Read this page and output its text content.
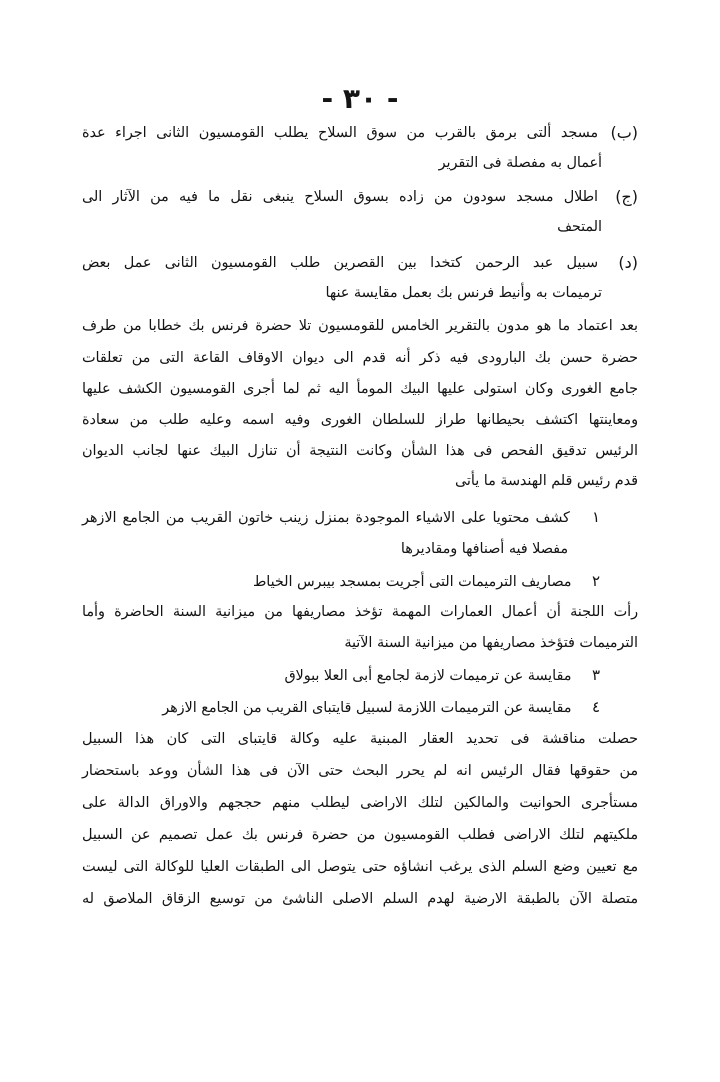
- ٣٠ -
(ب)
مسجد ألتى برمق بالقرب من سوق السلاح يطلب القومسيون الثانى اجراء عدة
أعمال به مفصلة فى التقرير
(ج)
اطلال مسجد سودون من زاده بسوق السلاح ينبغى نقل ما فيه من الآثار الى
المتحف
(د)
سبيل عبد الرحمن كتخدا بين القصرين طلب القومسيون الثانى عمل بعض
ترميمات به وأنيط فرنس بك بعمل مقايسة عنها
بعد اعتماد ما هو مدون بالتقرير الخامس للقومسيون تلا حضرة فرنس بك خطابا من طرف
حضرة حسن بك البارودى فيه ذكر أنه قدم الى ديوان الاوقاف القاعة التى من تعلقات
جامع الغورى وكان استولى عليها البيك المومأ اليه ثم لما أجرى القومسيون الكشف عليها
ومعاينتها اكتشف بحيطانها طراز للسلطان الغورى وفيه اسمه وعليه طلب من سعادة
الرئيس تدقيق الفحص فى هذا الشأن وكانت النتيجة أن تنازل البيك عنها لجانب الديوان
قدم رئيس قلم الهندسة ما يأتى
١ كشف محتويا على الاشياء الموجودة بمنزل زينب خاتون القريب من الجامع الازهر
مفصلا فيه أصنافها ومقاديرها
٢ مصاريف الترميمات التى أجريت بمسجد بيبرس الخياط
رأت اللجنة أن أعمال العمارات المهمة تؤخذ مصاريفها من ميزانية السنة الحاضرة وأما
الترميمات فتؤخذ مصاريفها من ميزانية السنة الآتية
٣ مقايسة عن ترميمات لازمة لجامع أبى العلا ببولاق
٤ مقايسة عن الترميمات اللازمة لسبيل قايتباى القريب من الجامع الازهر
حصلت مناقشة فى تحديد العقار المبنية عليه وكالة قايتباى التى كان هذا السبيل
من حقوقها فقال الرئيس انه لم يحرر البحث حتى الآن فى هذا الشأن ووعد باستحضار
مستأجرى الحوانيت والمالكين لتلك الاراضى ليطلب منهم حججهم والاوراق الدالة على
ملكيتهم لتلك الاراضى فطلب القومسيون من حضرة فرنس بك عمل تصميم عن السبيل
مع تعيين وضع السلم الذى يرغب انشاؤه حتى يتوصل الى الطبقات العليا للوكالة التى ليست
متصلة الآن بالطبقة الارضية لهدم السلم الاصلى الناشئ من توسيع الزقاق الملاصق له
